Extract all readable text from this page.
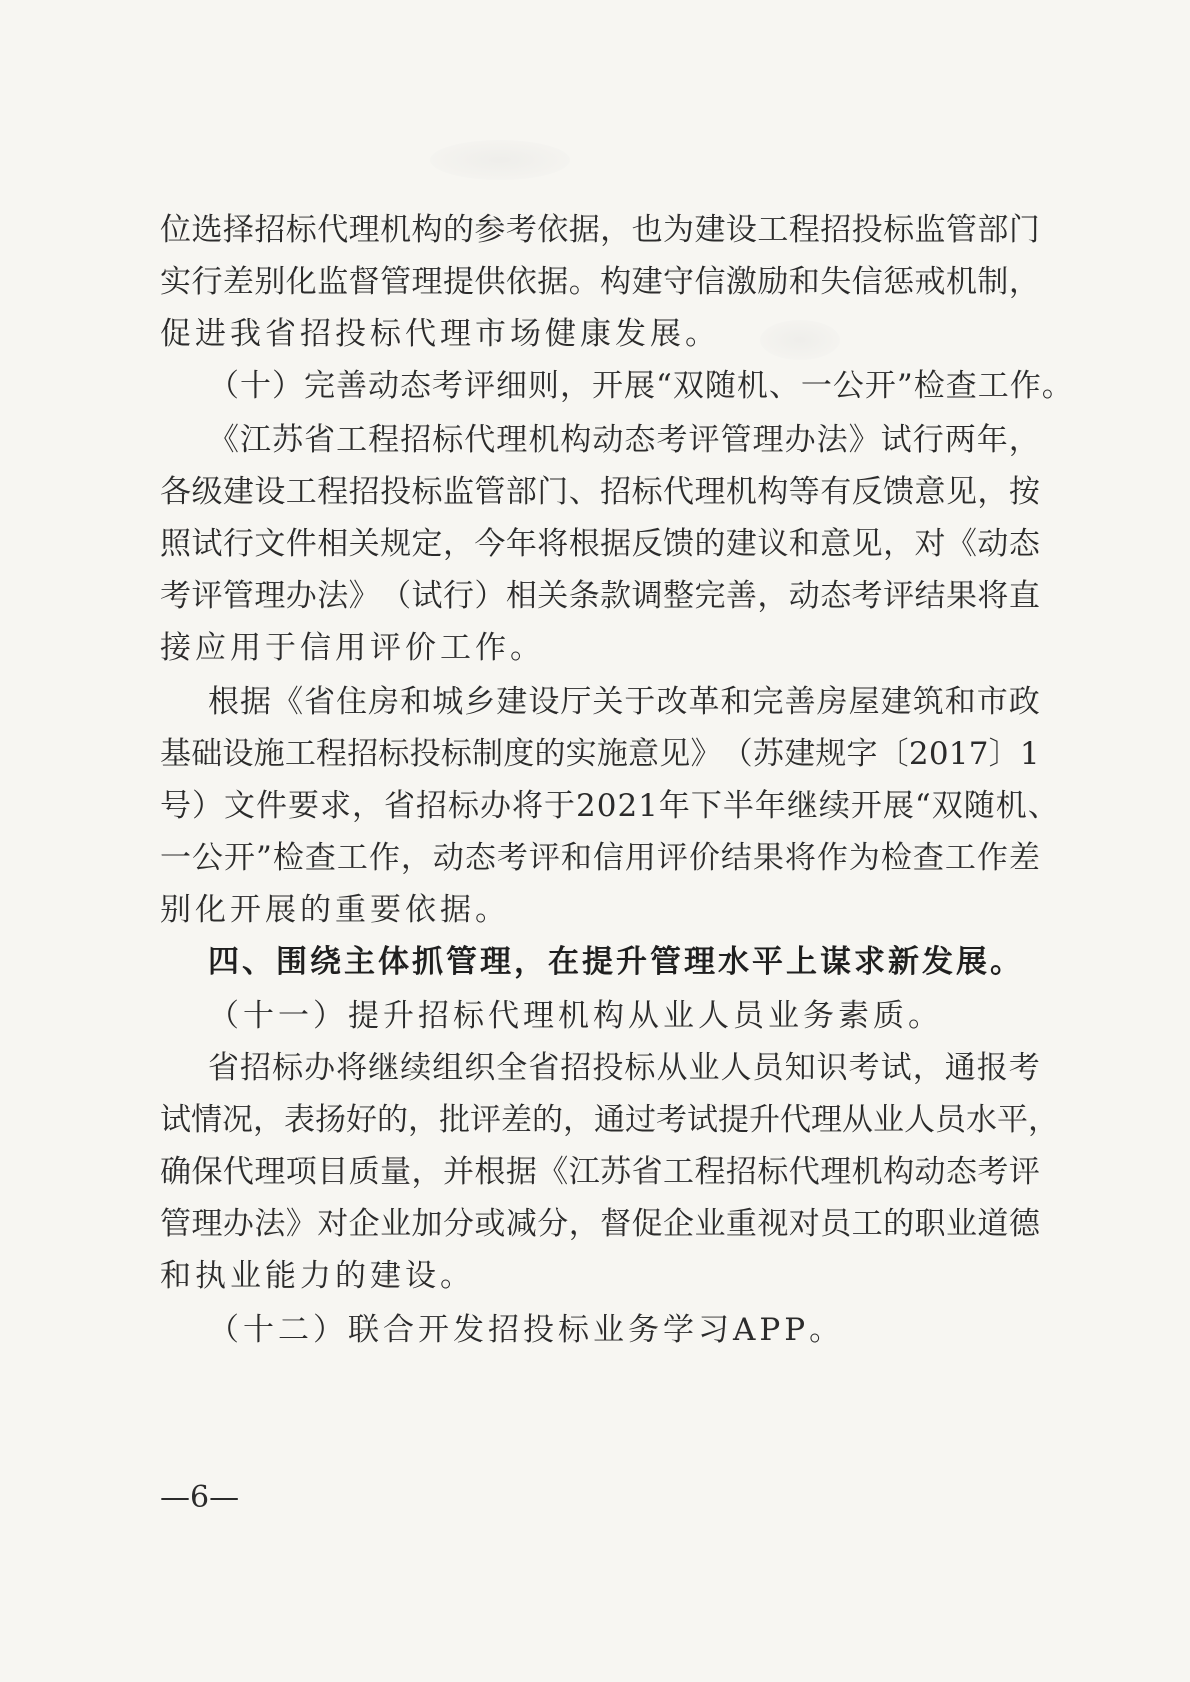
位 选 择 招 标 代 理 机 构 的 参 考 依 据 ， 也 为 建 设 工 程 招 投 标 监 管 部 门
实 行 差 别 化 监 督 管 理 提 供 依 据 。 构 建 守 信 激 励 和 失 信 惩 戒 机 制 ，
促进我省招投标代理市场健康发展。
（十）完善动态考评细则，开展“双随机、一公开”检查工作。
《 江 苏 省 工 程 招 标 代 理 机 构 动 态 考 评 管 理 办 法 》 试 行 两 年 ，
各 级 建 设 工 程 招 投 标 监 管 部 门 、 招 标 代 理 机 构 等 有 反 馈 意 见 ， 按
照 试 行 文 件 相 关 规 定 ， 今 年 将 根 据 反 馈 的 建 议 和 意 见 ， 对 《 动 态
考 评 管 理 办 法 》 （ 试 行 ） 相 关 条 款 调 整 完 善 ， 动 态 考 评 结 果 将 直
接应用于信用评价工作。
根 据 《 省 住 房 和 城 乡 建 设 厅 关 于 改 革 和 完 善 房 屋 建 筑 和 市 政
基 础 设 施 工 程 招 标 投 标 制 度 的 实 施 意 见 》 （ 苏 建 规 字 〔 2 0 1 7 〕 1
号）文件要求，省招标办将于2021年下半年继续开展“双随机、
一 公 开 ” 检 查 工 作 ， 动 态 考 评 和 信 用 评 价 结 果 将 作 为 检 查 工 作 差
别化开展的重要依据。
四、围绕主体抓管理，在提升管理水平上谋求新发展。
（十一）提升招标代理机构从业人员业务素质。
省 招 标 办 将 继 续 组 织 全 省 招 投 标 从 业 人 员 知 识 考 试 ， 通 报 考
试 情 况 ， 表 扬 好 的 ， 批 评 差 的 ， 通 过 考 试 提 升 代 理 从 业 人 员 水 平 ，
确 保 代 理 项 目 质 量 ， 并 根 据 《 江 苏 省 工 程 招 标 代 理 机 构 动 态 考 评
管 理 办 法 》 对 企 业 加 分 或 减 分 ， 督 促 企 业 重 视 对 员 工 的 职 业 道 德
和执业能力的建设。
（十二）联合开发招投标业务学习APP。
—6—
